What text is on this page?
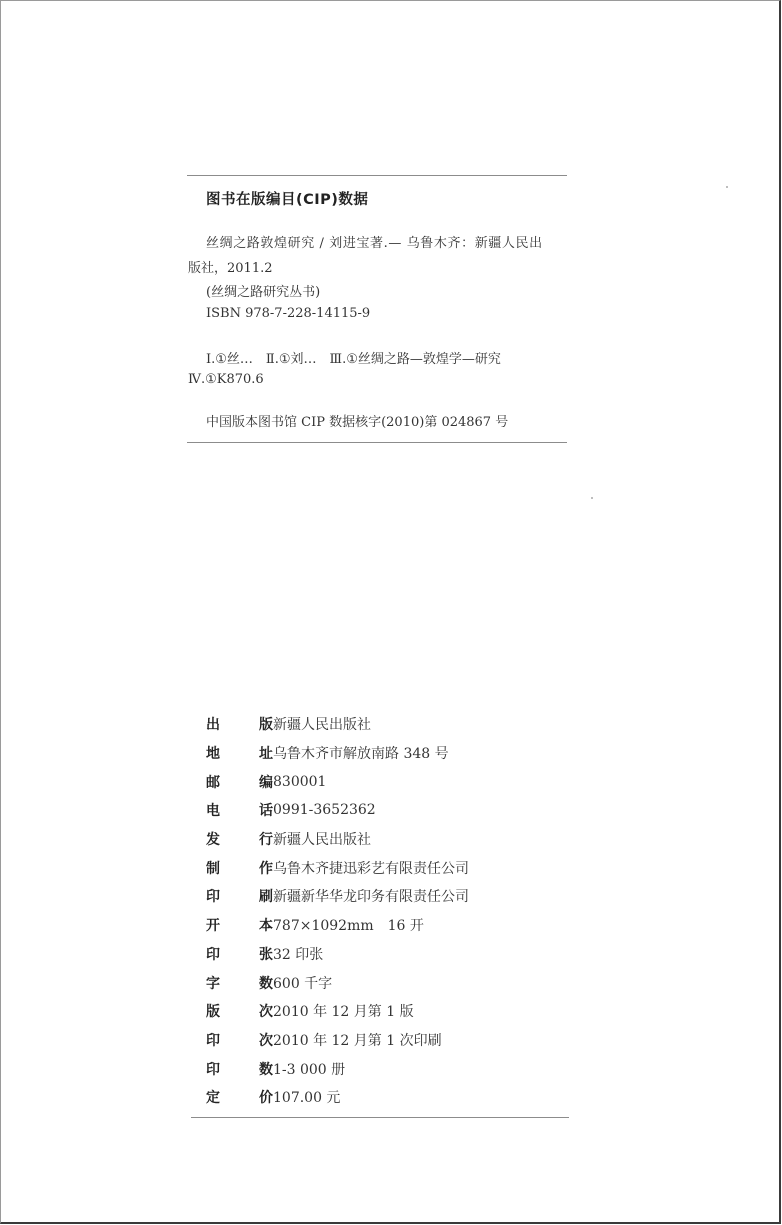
图书在版编目(CIP)数据
丝绸之路敦煌研究 / 刘进宝著.— 乌鲁木齐：新疆人民出
版社，2011.2
(丝绸之路研究丛书)
ISBN 978-7-228-14115-9
Ⅰ.①丝…　Ⅱ.①刘…　Ⅲ.①丝绸之路—敦煌学—研究
Ⅳ.①K870.6
中国版本图书馆 CIP 数据核字(2010)第 024867 号
出	版 新疆人民出版社
地	址 乌鲁木齐市解放南路 348 号
邮	编 830001
电	话 0991-3652362
发	行 新疆人民出版社
制	作 乌鲁木齐捷迅彩艺有限责任公司
印	刷 新疆新华华龙印务有限责任公司
开	本 787×1092mm　16 开
印	张 32 印张
字	数 600 千字
版	次 2010 年 12 月第 1 版
印	次 2010 年 12 月第 1 次印刷
印	数 1-3 000 册
定	价 107.00 元
